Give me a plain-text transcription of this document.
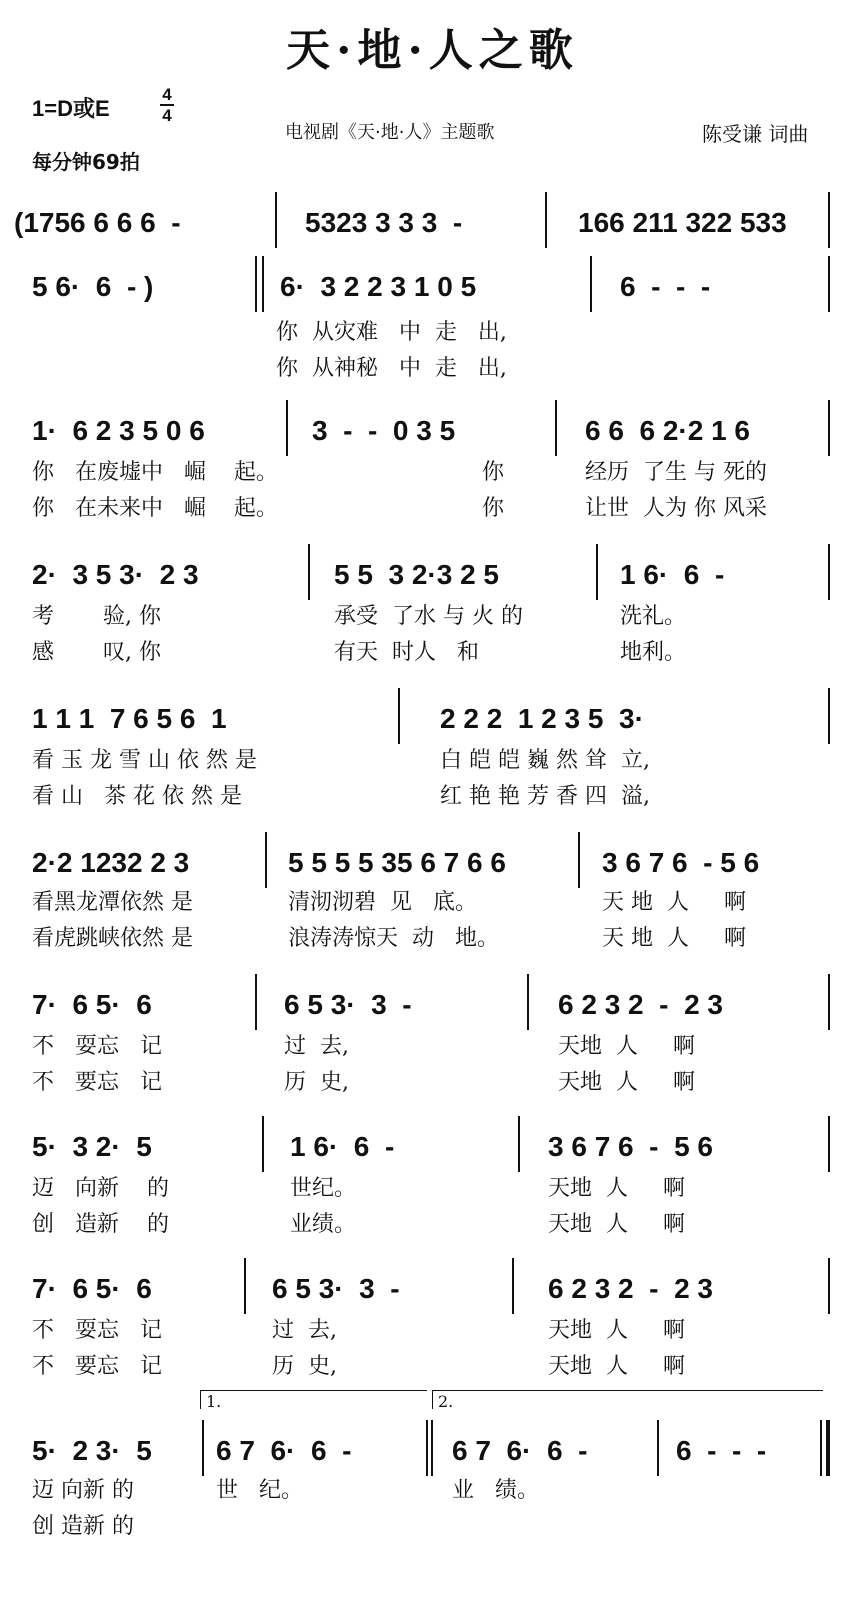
天·地·人之歌
1=D或E
4
4
每分钟69拍
电视剧《天·地·人》主题歌	陈受谦 词曲
(1756 6 6 6  -	5323 3 3 3  -	166 211 322 533
5 6·  6  - )	6·  3 2 2 3 1 0 5	6  -  -  -

你  从灾难   中  走   出,

你  从神秘   中  走   出,

1·  6 2 3 5 0 6	3  -  -  0 3 5	6 6  6 2·2 1 6

你   在废墟中   崛    起。

	你

	经历  了生 与 死的

你   在未来中   崛    起。

	你

	让世  人为 你 风采

2·  3 5 3·  2 3	5 5  3 2·3 2 5	1 6·  6  -

考       验, 你

	承受  了水 与 火 的

	洗礼。

感       叹, 你

	有天  时人   和

	地利。

1 1 1  7 6 5 6  1	2 2 2  1 2 3 5  3·

看 玉 龙 雪 山 依 然 是

	白 皑 皑 巍 然 耸  立,

看 山   茶 花 依 然 是

	红 艳 艳 芳 香 四  溢,

2·2 1232 2 3	5 5 5 5 35 6 7 6 6	3 6 7 6  - 5 6

看黑龙潭依然 是

	清沏沏碧  见   底。

	天 地  人     啊

看虎跳峡依然 是

	浪涛涛惊天  动   地。

	天 地  人     啊

7·  6 5·  6	6 5 3·  3  -	6 2 3 2  -  2 3

不   耍忘   记

	过  去,

	天地  人     啊

不   要忘   记

	历  史,

	天地  人     啊

5·  3 2·  5	1 6·  6  -	3 6 7 6  -  5 6

迈   向新    的

	世纪。

	天地  人     啊

创   造新    的

	业绩。

	天地  人     啊

7·  6 5·  6	6 5 3·  3  -	6 2 3 2  -  2 3

不   耍忘   记

	过  去,

	天地  人     啊

不   要忘   记

	历  史,

	天地  人     啊

1.	2.
5·  2 3·  5 6 7  6·  6  -	6 7  6·  6  -	6  -  -  -

迈 向新 的

	世   纪。

	业   绩。

创 造新 的
